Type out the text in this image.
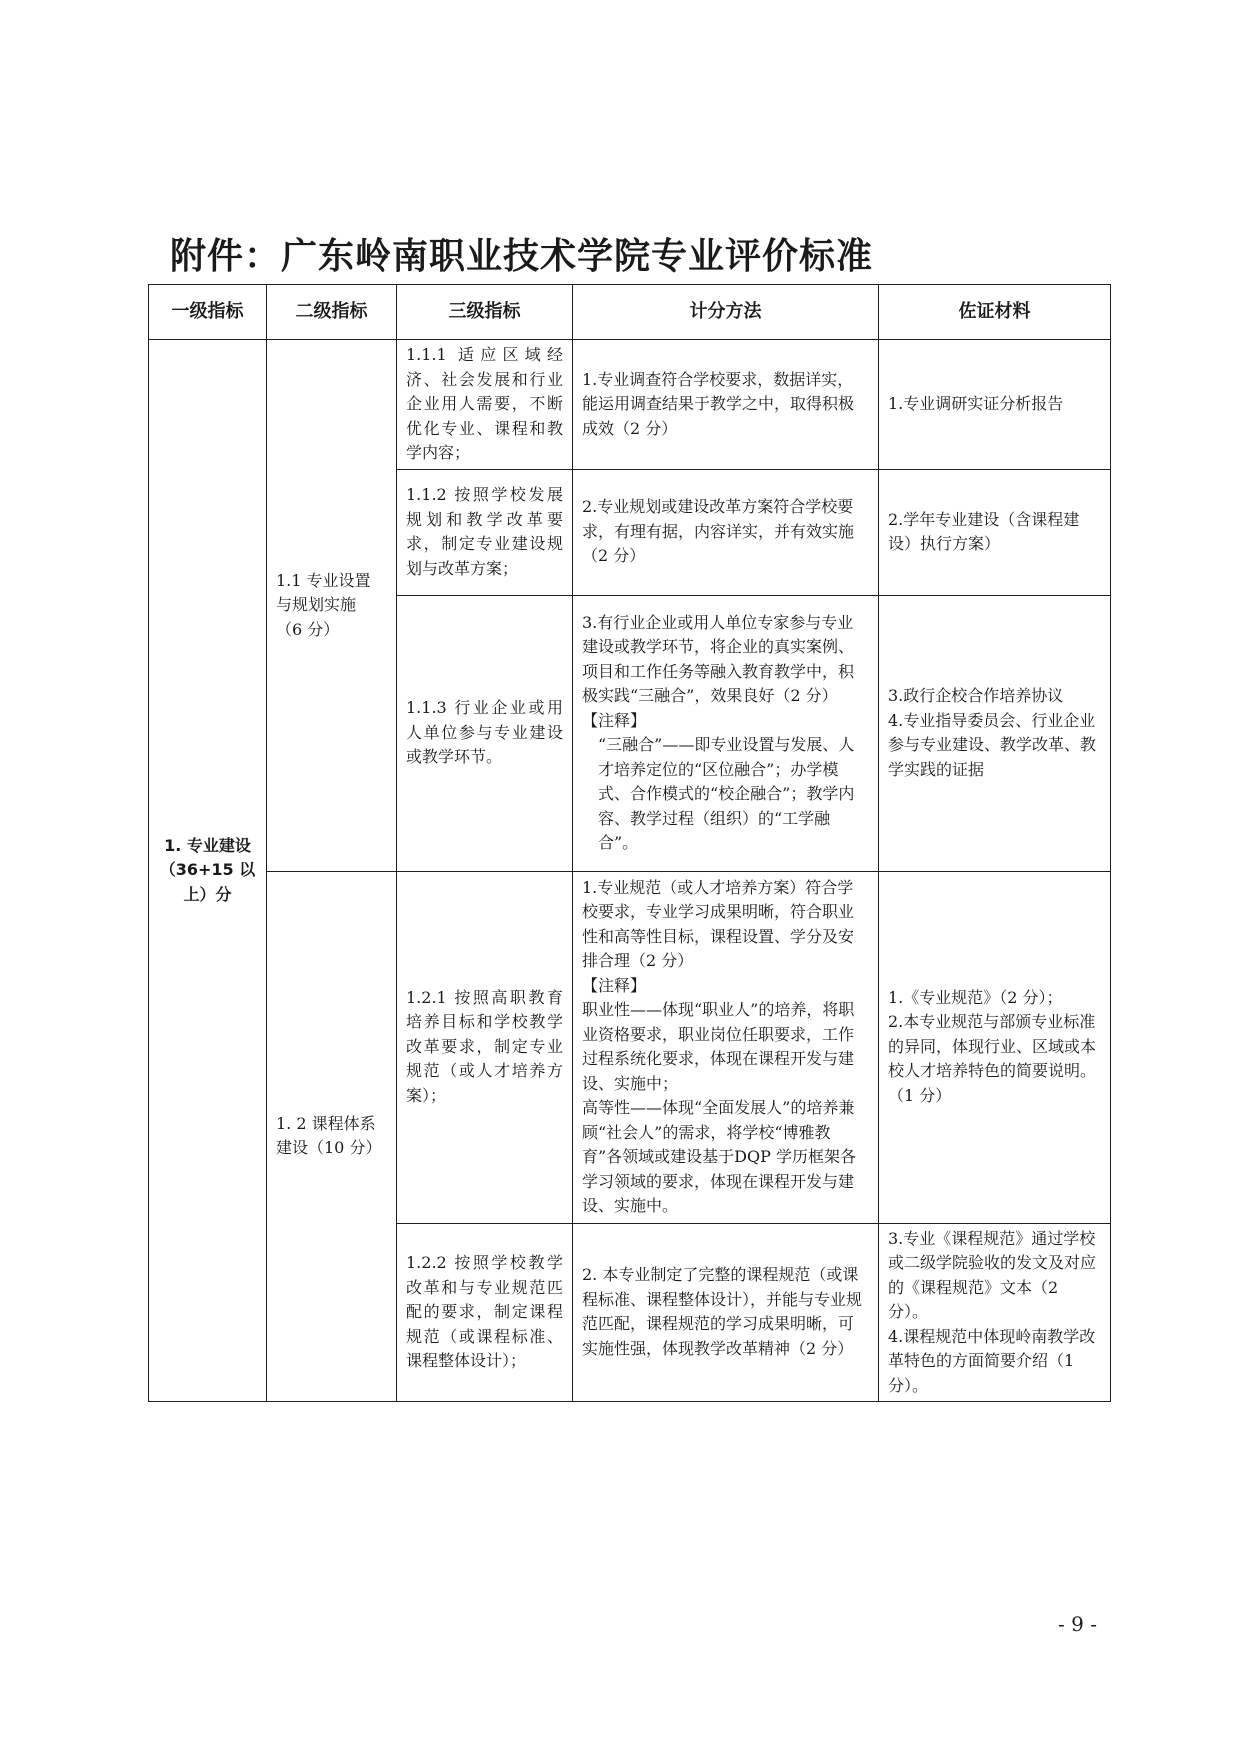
附件：广东岭南职业技术学院专业评价标准
一级指标	二级指标	三级指标	计分方法	佐证材料

1. 专业建设
（36+15 以
上）分	1.1 专业设置
与规划实施
（6 分）	1.1.1 适应区域经济、社会发展和行业企业用人需要，不断优化专业、课程和教学内容；	1.专业调查符合学校要求，数据详实，能运用调查结果于教学之中，取得积极成效（2 分）	1.专业调研实证分析报告

		1.1.2 按照学校发展规划和教学改革要求，制定专业建设规划与改革方案；	2.专业规划或建设改革方案符合学校要求，有理有据，内容详实，并有效实施（2 分）	2.学年专业建设（含课程建设）执行方案）

		1.1.3 行业企业或用人单位参与专业建设或教学环节。	3.有行业企业或用人单位专家参与专业建设或教学环节，将企业的真实案例、项目和工作任务等融入教育教学中，积极实践“三融合”，效果良好（2 分）
【注释】
“三融合”——即专业设置与发展、人才培养定位的“区位融合”；办学模式、合作模式的“校企融合”；教学内容、教学过程（组织）的“工学融合”。	3.政行企校合作培养协议
4.专业指导委员会、行业企业参与专业建设、教学改革、教学实践的证据

	1. 2 课程体系
建设（10 分）	1.2.1 按照高职教育培养目标和学校教学改革要求，制定专业规范（或人才培养方案）；	1.专业规范（或人才培养方案）符合学校要求，专业学习成果明晰，符合职业性和高等性目标，课程设置、学分及安排合理（2 分）
【注释】
职业性——体现“职业人”的培养，将职业资格要求，职业岗位任职要求，工作过程系统化要求，体现在课程开发与建设、实施中；
高等性——体现“全面发展人”的培养兼顾“社会人”的需求，将学校“博雅教育”各领域或建设基于DQP 学历框架各学习领域的要求，体现在课程开发与建设、实施中。	1.《专业规范》（2 分）；
2.本专业规范与部颁专业标准的异同，体现行业、区域或本校人才培养特色的简要说明。（1 分）

		1.2.2 按照学校教学改革和与专业规范匹配的要求，制定课程规范（或课程标准、课程整体设计）；	2. 本专业制定了完整的课程规范（或课程标准、课程整体设计），并能与专业规范匹配，课程规范的学习成果明晰，可实施性强，体现教学改革精神（2 分）	3.专业《课程规范》通过学校或二级学院验收的发文及对应的《课程规范》文本（2 分）。
4.课程规范中体现岭南教学改革特色的方面简要介绍（1 分）。
- 9 -
